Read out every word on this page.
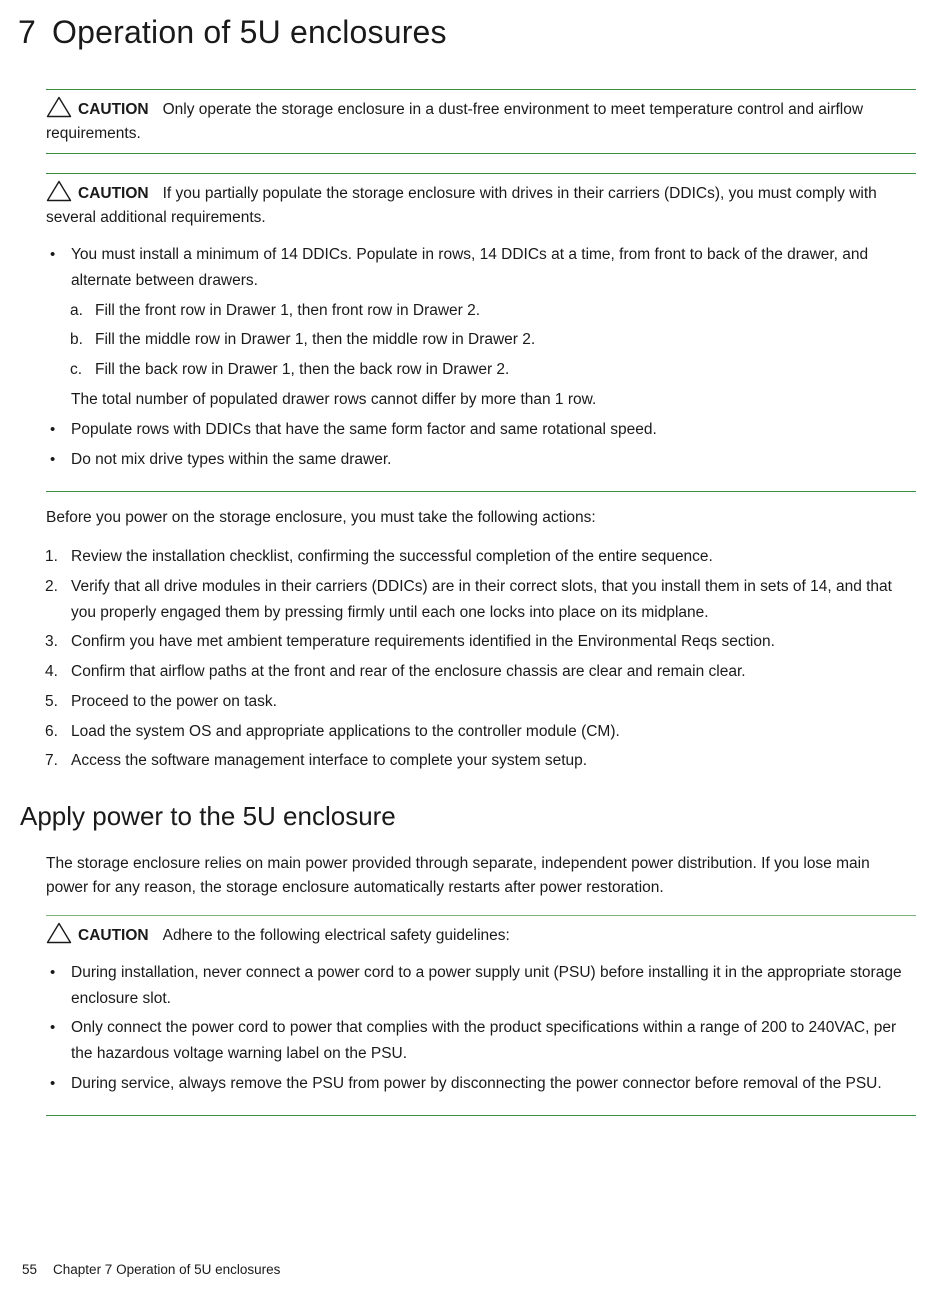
7 Operation of 5U enclosures
CAUTION Only operate the storage enclosure in a dust-free environment to meet temperature control and airflow requirements.
CAUTION If you partially populate the storage enclosure with drives in their carriers (DDICs), you must comply with several additional requirements.
•	You must install a minimum of 14 DDICs. Populate in rows, 14 DDICs at a time, from front to back of the drawer, and alternate between drawers.
a. Fill the front row in Drawer 1, then front row in Drawer 2.
b. Fill the middle row in Drawer 1, then the middle row in Drawer 2.
c. Fill the back row in Drawer 1, then the back row in Drawer 2.
The total number of populated drawer rows cannot differ by more than 1 row.
•	Populate rows with DDICs that have the same form factor and same rotational speed.
•	Do not mix drive types within the same drawer.

Before you power on the storage enclosure, you must take the following actions:

1. Review the installation checklist, confirming the successful completion of the entire sequence.
2. Verify that all drive modules in their carriers (DDICs) are in their correct slots, that you install them in sets of 14, and that you properly engaged them by pressing firmly until each one locks into place on its midplane.
3. Confirm you have met ambient temperature requirements identified in the Environmental Reqs section.
4. Confirm that airflow paths at the front and rear of the enclosure chassis are clear and remain clear.
5. Proceed to the power on task.
6. Load the system OS and appropriate applications to the controller module (CM).
7. Access the software management interface to complete your system setup.
Apply power to the 5U enclosure

The storage enclosure relies on main power provided through separate, independent power distribution. If you lose main power for any reason, the storage enclosure automatically restarts after power restoration.

CAUTION Adhere to the following electrical safety guidelines:
•	During installation, never connect a power cord to a power supply unit (PSU) before installing it in the appropriate storage enclosure slot.
•	Only connect the power cord to power that complies with the product specifications within a range of 200 to 240VAC, per the hazardous voltage warning label on the PSU.
•	During service, always remove the PSU from power by disconnecting the power connector before removal of the PSU.
55 Chapter 7 Operation of 5U enclosures
